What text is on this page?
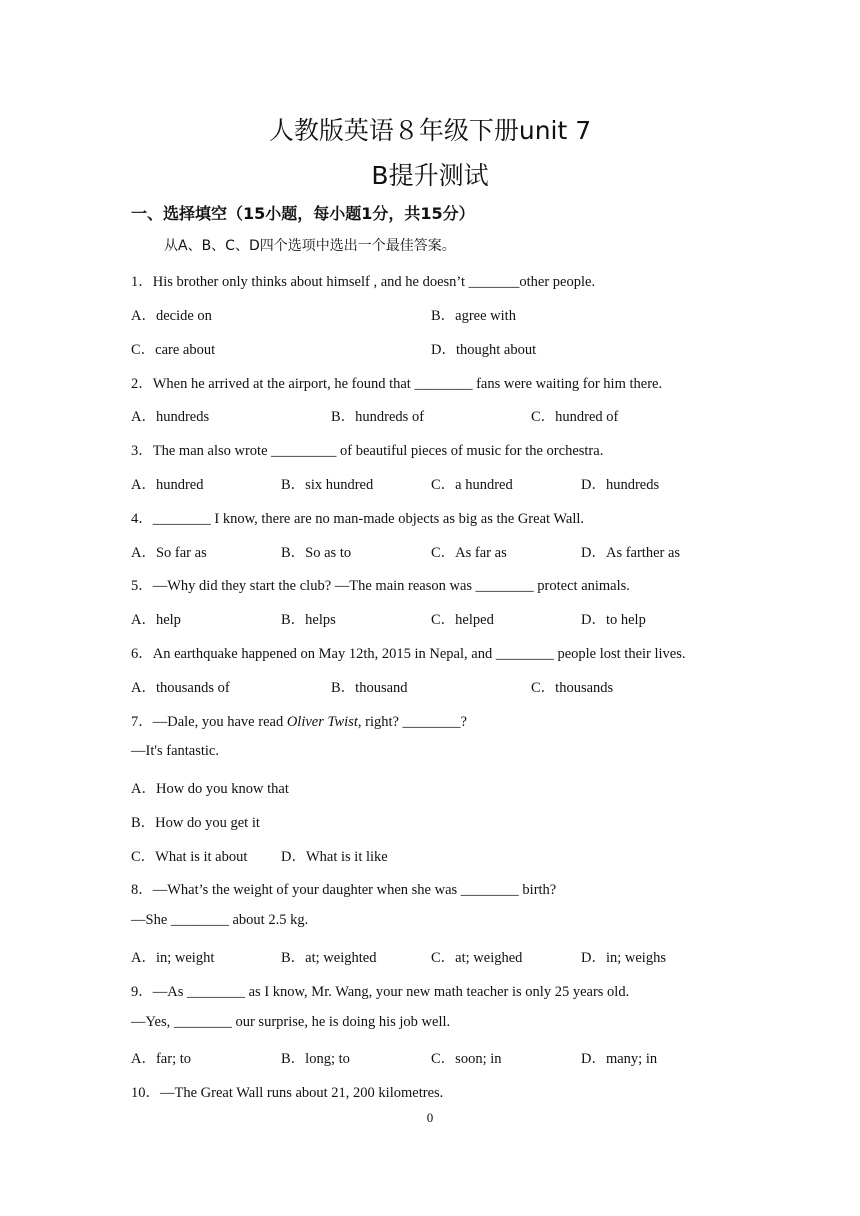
人教版英语８年级下册unit 7
B提升测试
一、选择填空（15小题，每小题1分，共15分）
从A、B、C、D四个选项中选出一个最佳答案。
1．His brother only thinks about himself , and he doesn’t _______other people.
A．decide on	B．agree with
C．care about	D．thought about
2．When he arrived at the airport, he found that ________ fans were waiting for him there.
A．hundreds	B．hundreds of	C．hundred of
3．The man also wrote _________ of beautiful pieces of music for the orchestra.
A．hundred	B．six hundred	C．a hundred	D．hundreds
4．________ I know, there are no man-made objects as big as the Great Wall.
A．So far as	B．So as to	C．As far as	D．As farther as
5．—Why did they start the club? —The main reason was ________ protect animals.
A．help	B．helps	C．helped	D．to help
6．An earthquake happened on May 12th, 2015 in Nepal, and ________ people lost their lives.
A．thousands of	B．thousand	C．thousands
7．—Dale, you have read Oliver Twist, right? ________?
—It's fantastic.
A．How do you know that
B．How do you get it
C．What is it about D．What is it like
8．—What’s the weight of your daughter when she was ________ birth?
—She ________ about 2.5 kg.
A．in; weight	B．at; weighted	C．at; weighed	D．in; weighs
9．—As ________ as I know, Mr. Wang, your new math teacher is only 25 years old.
—Yes, ________ our surprise, he is doing his job well.
A．far; to	B．long; to	C．soon; in	D．many; in
10．—The Great Wall runs about 21, 200 kilometres.
0
